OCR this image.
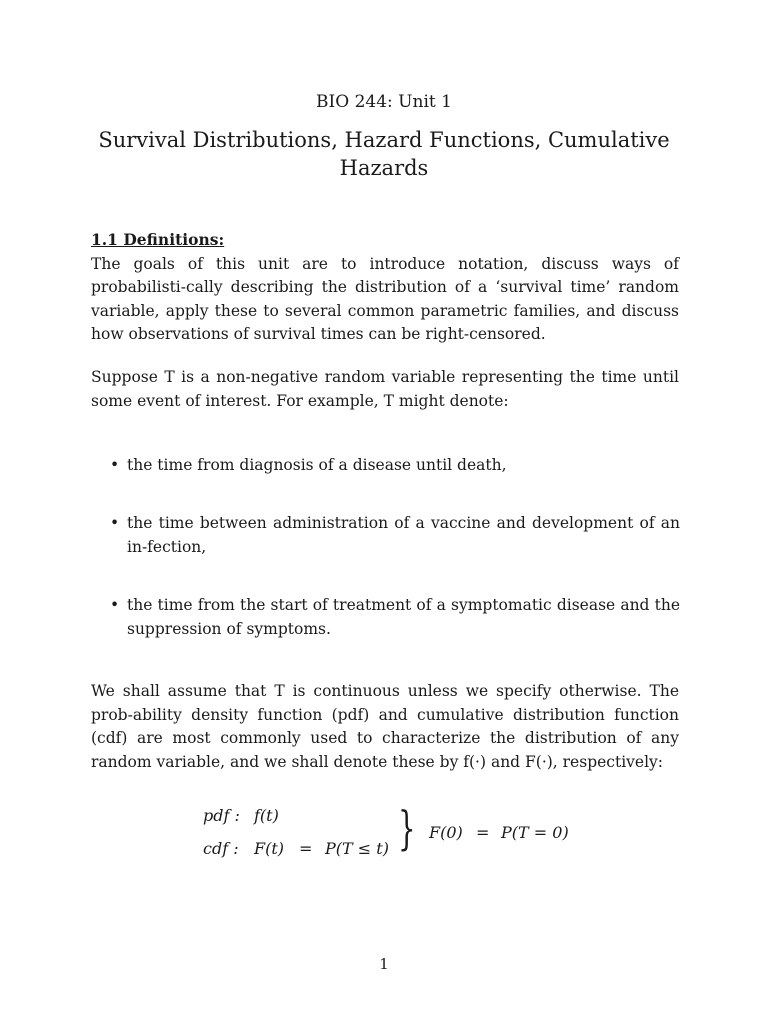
BIO 244: Unit 1
Survival Distributions, Hazard Functions, Cumulative Hazards
1.1 Definitions:
The goals of this unit are to introduce notation, discuss ways of probabilisti-cally describing the distribution of a ‘survival time’ random variable, apply these to several common parametric families, and discuss how observations of survival times can be right-censored.
Suppose T is a non-negative random variable representing the time until some event of interest. For example, T might denote:
• the time from diagnosis of a disease until death,
• the time between administration of a vaccine and development of an in-fection,
• the time from the start of treatment of a symptomatic disease and the suppression of symptoms.
We shall assume that T is continuous unless we specify otherwise. The prob-ability density function (pdf) and cumulative distribution function (cdf) are most commonly used to characterize the distribution of any random variable, and we shall denote these by f(·) and F(·), respectively:
pdf : f(t)
cdf : F(t) = P(T ≤ t) } F(0) = P(T = 0)
1
